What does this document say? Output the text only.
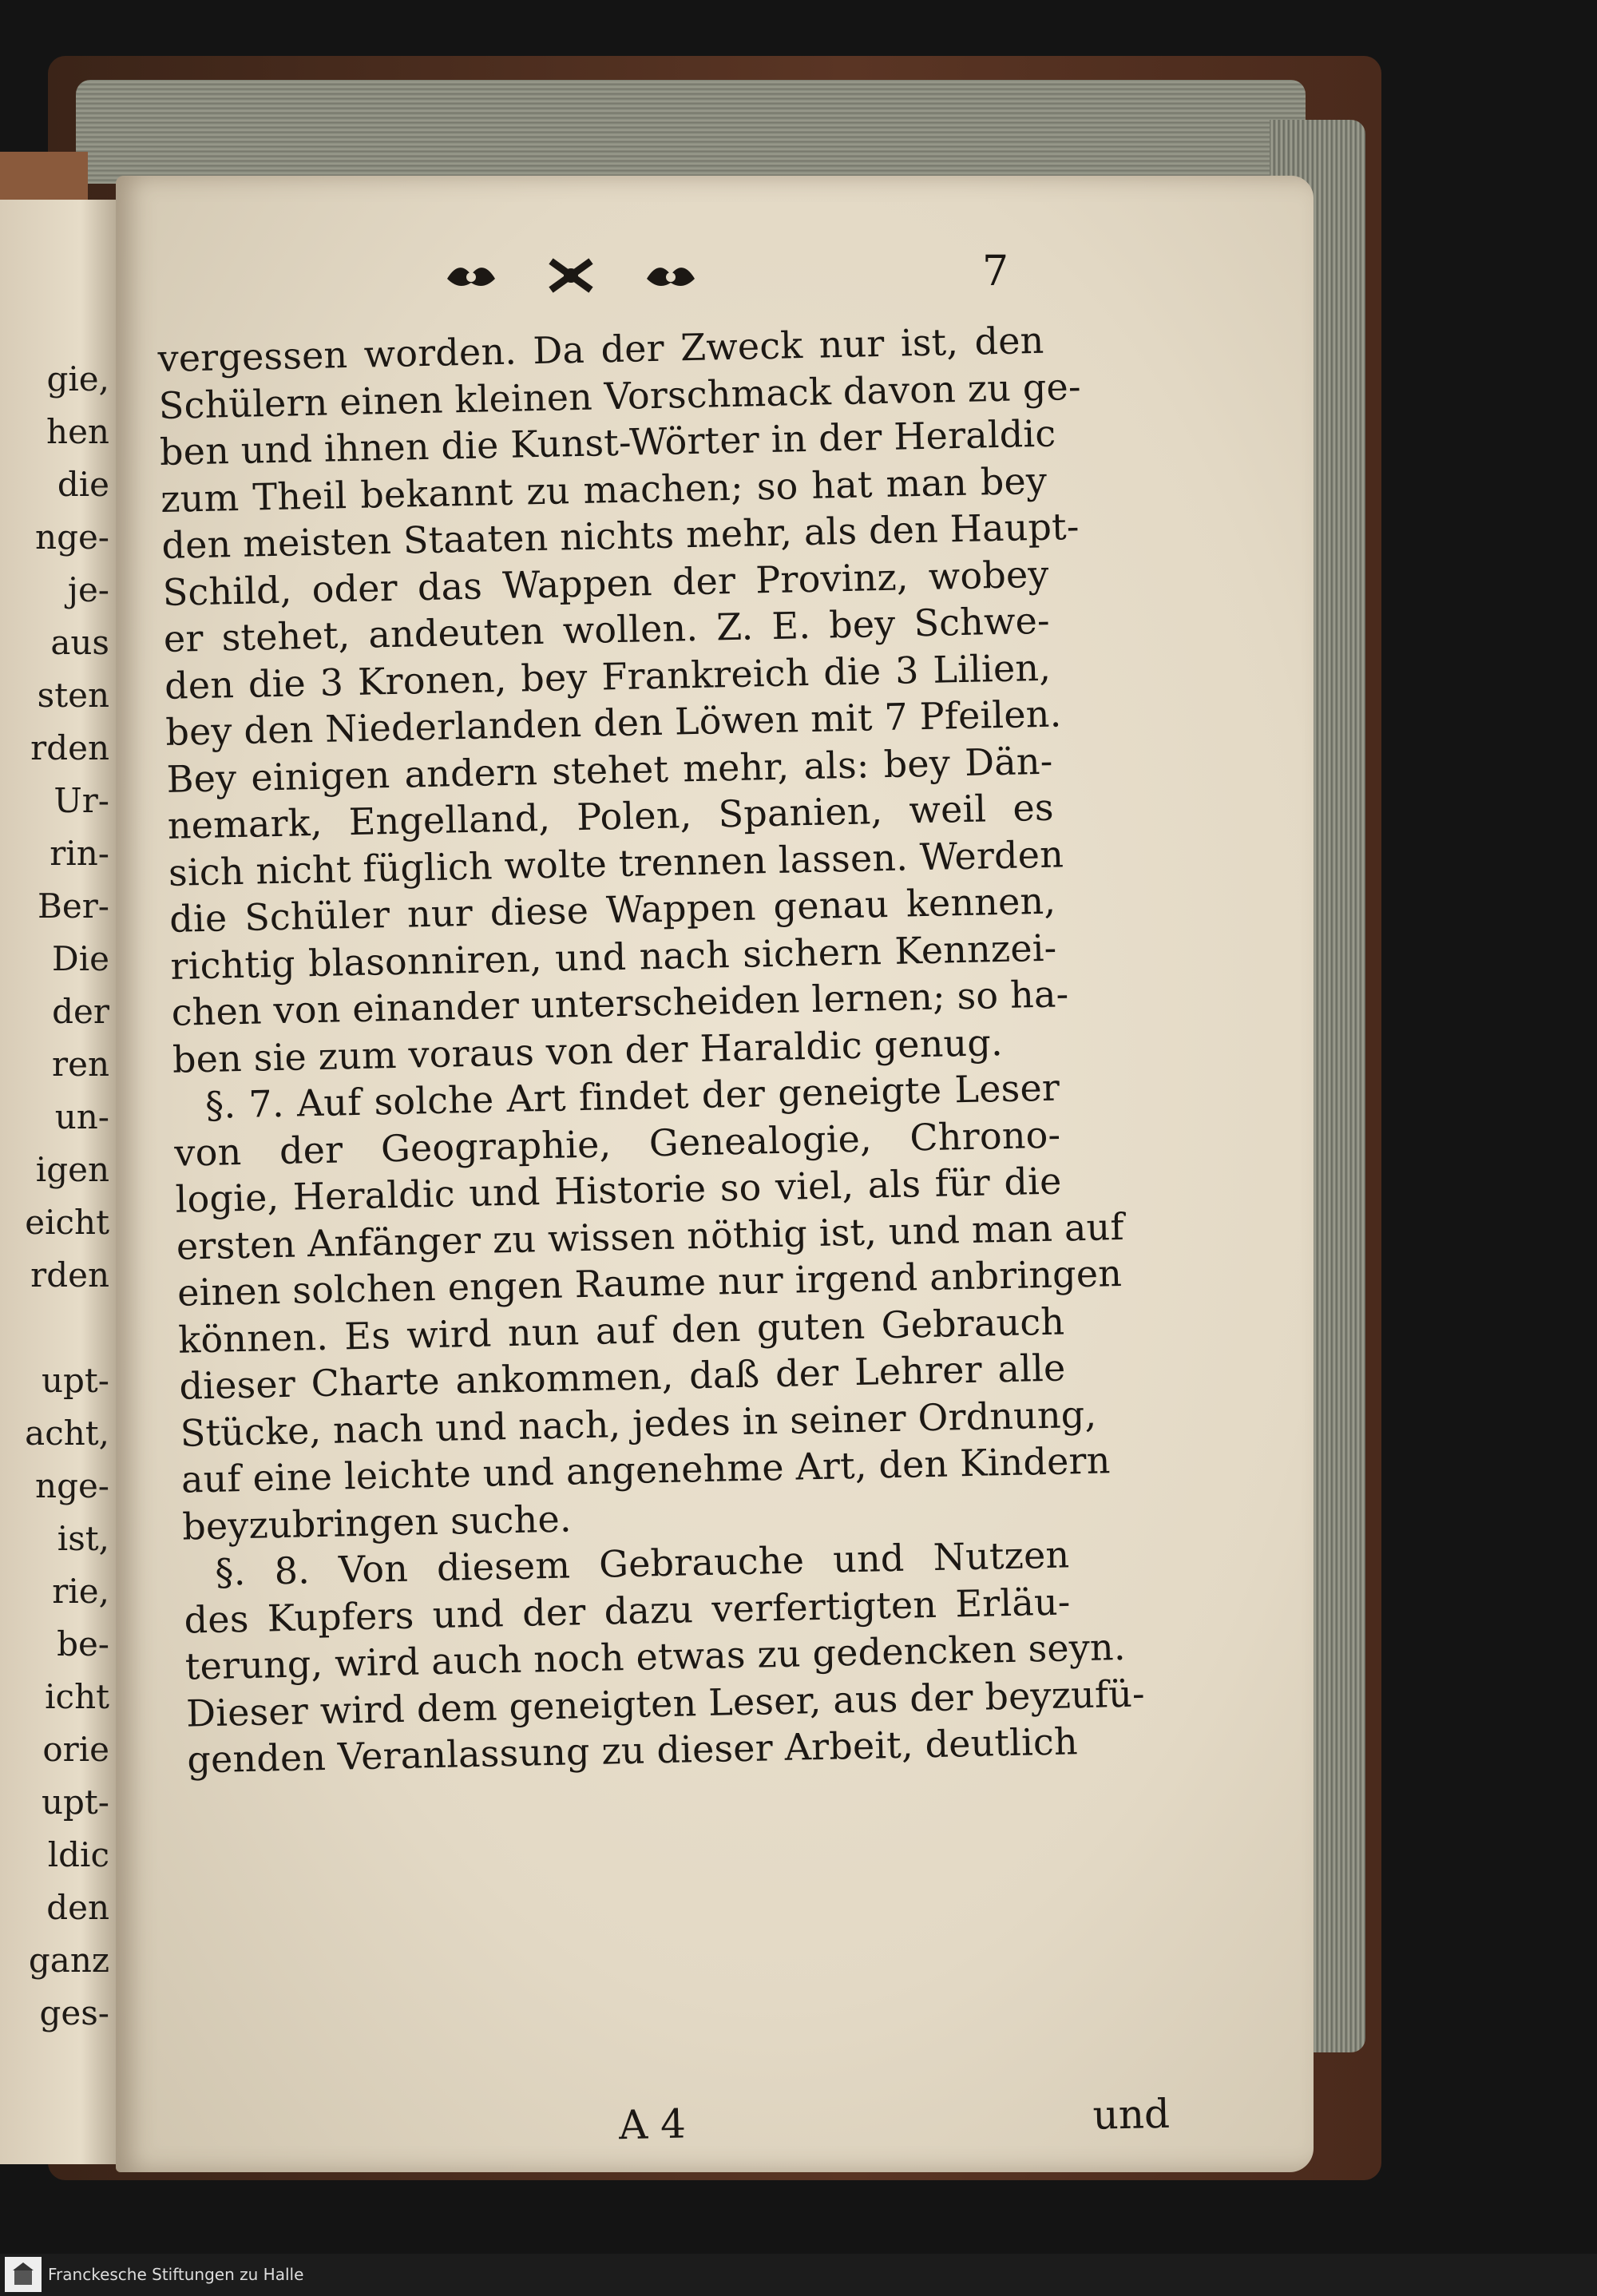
gie,
hen
die
nge-
je-
aus
sten
rden
Ur-
rin-
Ber-
Die
der
ren
un-
igen
eicht
rden
upt-
acht,
nge-
ist,
rie,
be-
icht
orie
upt-
ldic
den
ganz
ges-
7
vergessen worden. Da der Zweck nur ist, den
Schülern einen kleinen Vorschmack davon zu ge-
ben und ihnen die Kunst-Wörter in der Heraldic
zum Theil bekannt zu machen; so hat man bey
den meisten Staaten nichts mehr, als den Haupt-
Schild, oder das Wappen der Provinz, wobey
er stehet, andeuten wollen. Z. E. bey Schwe-
den die 3 Kronen, bey Frankreich die 3 Lilien,
bey den Niederlanden den Löwen mit 7 Pfeilen.
Bey einigen andern stehet mehr, als: bey Dän-
nemark, Engelland, Polen, Spanien, weil es
sich nicht füglich wolte trennen lassen. Werden
die Schüler nur diese Wappen genau kennen,
richtig blasonniren, und nach sichern Kennzei-
chen von einander unterscheiden lernen; so ha-
ben sie zum voraus von der Haraldic genug.
§. 7. Auf solche Art findet der geneigte Leser
von der Geographie, Genealogie, Chrono-
logie, Heraldic und Historie so viel, als für die
ersten Anfänger zu wissen nöthig ist, und man auf
einen solchen engen Raume nur irgend anbringen
können. Es wird nun auf den guten Gebrauch
dieser Charte ankommen, daß der Lehrer alle
Stücke, nach und nach, jedes in seiner Ordnung,
auf eine leichte und angenehme Art, den Kindern
beyzubringen suche.
§. 8. Von diesem Gebrauche und Nutzen
des Kupfers und der dazu verfertigten Erläu-
terung, wird auch noch etwas zu gedencken seyn.
Dieser wird dem geneigten Leser, aus der beyzufü-
genden Veranlassung zu dieser Arbeit, deutlich
A 4	und
Franckesche Stiftungen zu Halle
